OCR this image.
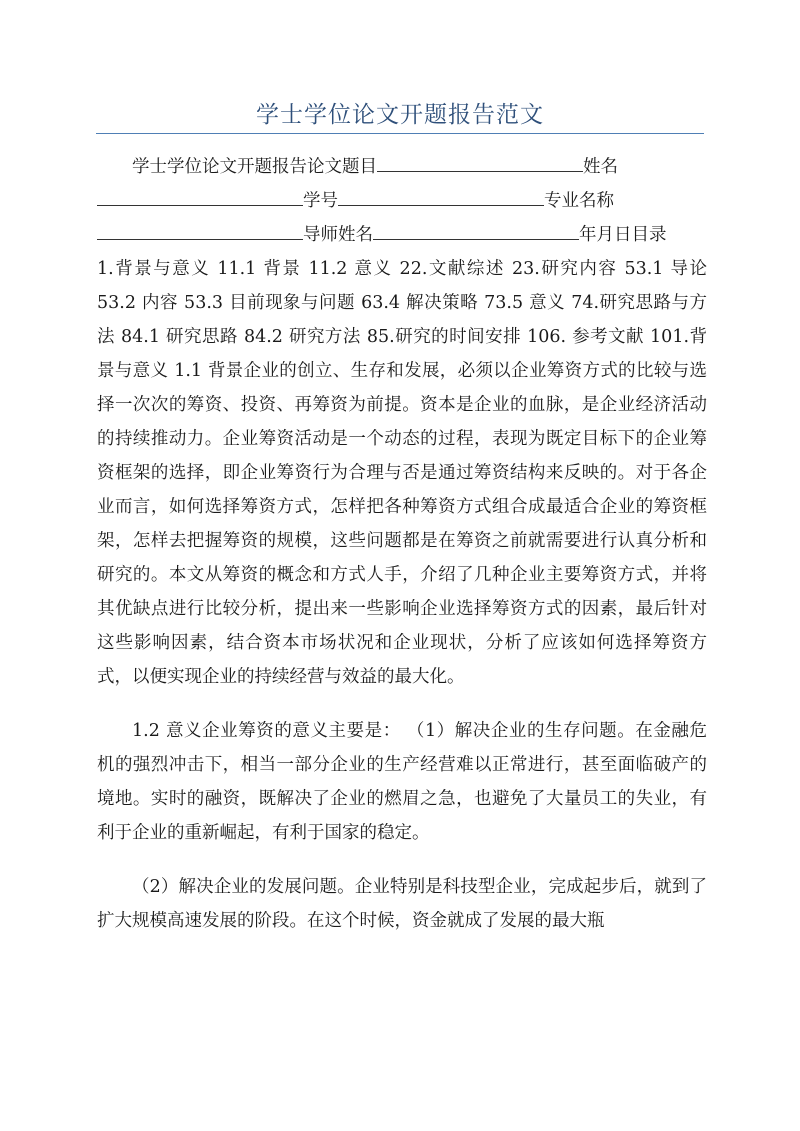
学士学位论文开题报告范文
学士学位论文开题报告论文题目	姓名
学号	专业名称
导师姓名	年月日目录

1.背景与意义 11.1 背景 11.2 意义 22.文献综述 23.研究内容 53.1 导论 53.2 内容 53.3 目前现象与问题 63.4 解决策略 73.5 意义 74.研究思路与方法 84.1 研究思路 84.2 研究方法 85.研究的时间安排 106. 参考文献 101.背景与意义 1.1 背景企业的创立、生存和发展，必须以企业筹资方式的比较与选择一次次的筹资、投资、再筹资为前提。资本是企业的血脉，是企业经济活动的持续推动力。企业筹资活动是一个动态的过程，表现为既定目标下的企业筹资框架的选择，即企业筹资行为合理与否是通过筹资结构来反映的。对于各企业而言，如何选择筹资方式，怎样把各种筹资方式组合成最适合企业的筹资框架，怎样去把握筹资的规模，这些问题都是在筹资之前就需要进行认真分析和研究的。本文从筹资的概念和方式人手，介绍了几种企业主要筹资方式，并将其优缺点进行比较分析，提出来一些影响企业选择筹资方式的因素，最后针对这些影响因素，结合资本市场状况和企业现状，分析了应该如何选择筹资方式，以便实现企业的持续经营与效益的最大化。

1.2 意义企业筹资的意义主要是： （1）解决企业的生存问题。在金融危机的强烈冲击下，相当一部分企业的生产经营难以正常进行，甚至面临破产的境地。实时的融资，既解决了企业的燃眉之急，也避免了大量员工的失业，有利于企业的重新崛起，有利于国家的稳定。

（2）解决企业的发展问题。企业特别是科技型企业，完成起步后，就到了扩大规模高速发展的阶段。在这个时候，资金就成了发展的最大瓶
